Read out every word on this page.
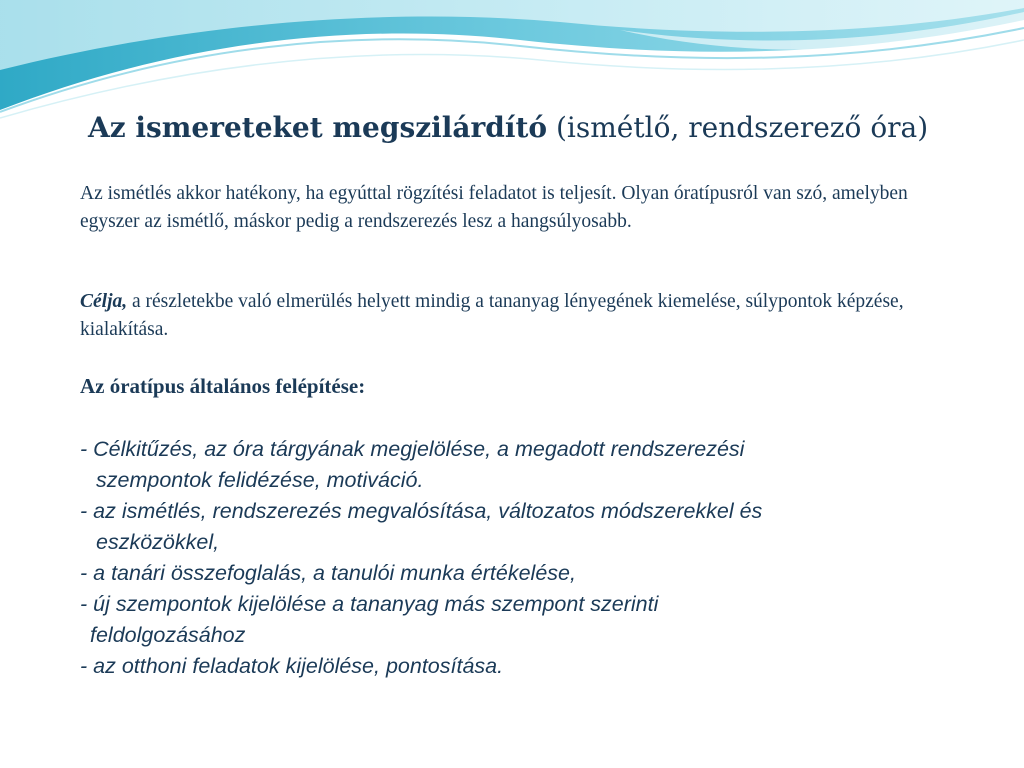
Az ismereteket megszilárdító (ismétlő, rendszerező óra)

Az ismétlés akkor hatékony, ha egyúttal rögzítési feladatot is teljesít. Olyan óratípusról van szó, amelyben egyszer az ismétlő, máskor pedig a rendszerezés lesz a hangsúlyosabb.

Célja, a részletekbe való elmerülés helyett mindig a tananyag lényegének kiemelése, súlypontok képzése, kialakítása.

Az óratípus általános felépítése:
- Célkitűzés, az óra tárgyának megjelölése, a megadott rendszerezési
szempontok felidézése, motiváció.
- az ismétlés, rendszerezés megvalósítása, változatos módszerekkel és
eszközökkel,
- a tanári összefoglalás, a tanulói munka értékelése,
- új szempontok kijelölése a tananyag más szempont szerinti
feldolgozásához
- az otthoni feladatok kijelölése, pontosítása.
